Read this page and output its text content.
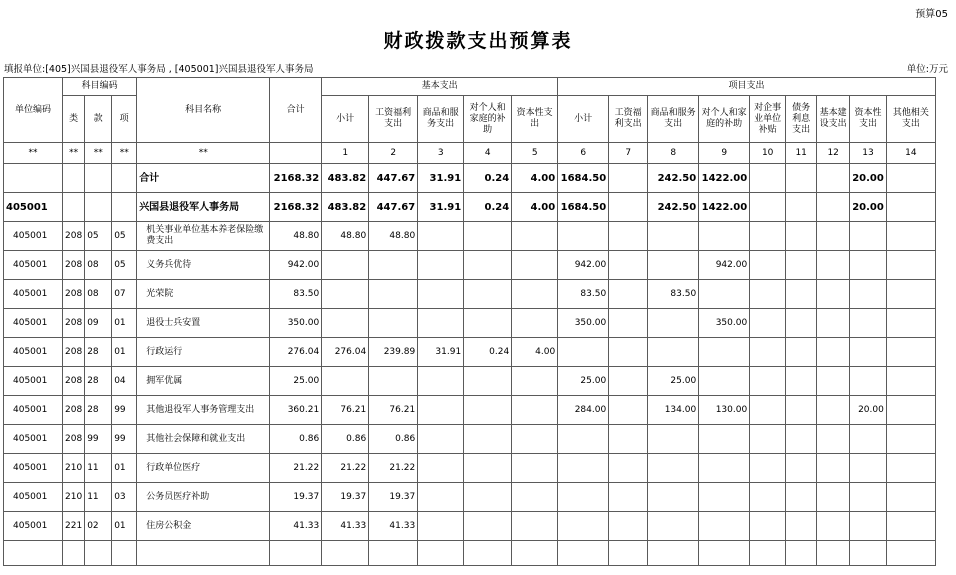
预算05
财政拨款支出预算表
填报单位:[405]兴国县退役军人事务局 , [405001]兴国县退役军人事务局	单位:万元
单位编码	科目编码			科目名称	合计	基本支出					项目支出								
	类	款	项			小计	工资福利支出	商品和服务支出	对个人和家庭的补助	资本性支出	小计	工资福利支出	商品和服务支出	对个人和家庭的补助	对企事业单位补贴	债务利息支出	基本建设支出	资本性支出	其他相关支出

**	**	**	**	**		1	2	3	4	5	6	7	8	9	10	11	12	13	14
				合计	2168.32	483.82	447.67	31.91	0.24	4.00	1684.50		242.50	1422.00				20.00	
405001				兴国县退役军人事务局	2168.32	483.82	447.67	31.91	0.24	4.00	1684.50		242.50	1422.00				20.00	
405001	208	05	05	机关事业单位基本养老保险缴费支出	48.80	48.80	48.80												
405001	208	08	05	义务兵优待	942.00						942.00			942.00					
405001	208	08	07	光荣院	83.50						83.50		83.50						
405001	208	09	01	退役士兵安置	350.00						350.00			350.00					
405001	208	28	01	行政运行	276.04	276.04	239.89	31.91	0.24	4.00									
405001	208	28	04	拥军优属	25.00						25.00		25.00						
405001	208	28	99	其他退役军人事务管理支出	360.21	76.21	76.21				284.00		134.00	130.00				20.00	
405001	208	99	99	其他社会保障和就业支出	0.86	0.86	0.86												
405001	210	11	01	行政单位医疗	21.22	21.22	21.22												
405001	210	11	03	公务员医疗补助	19.37	19.37	19.37												
405001	221	02	01	住房公积金	41.33	41.33	41.33												
